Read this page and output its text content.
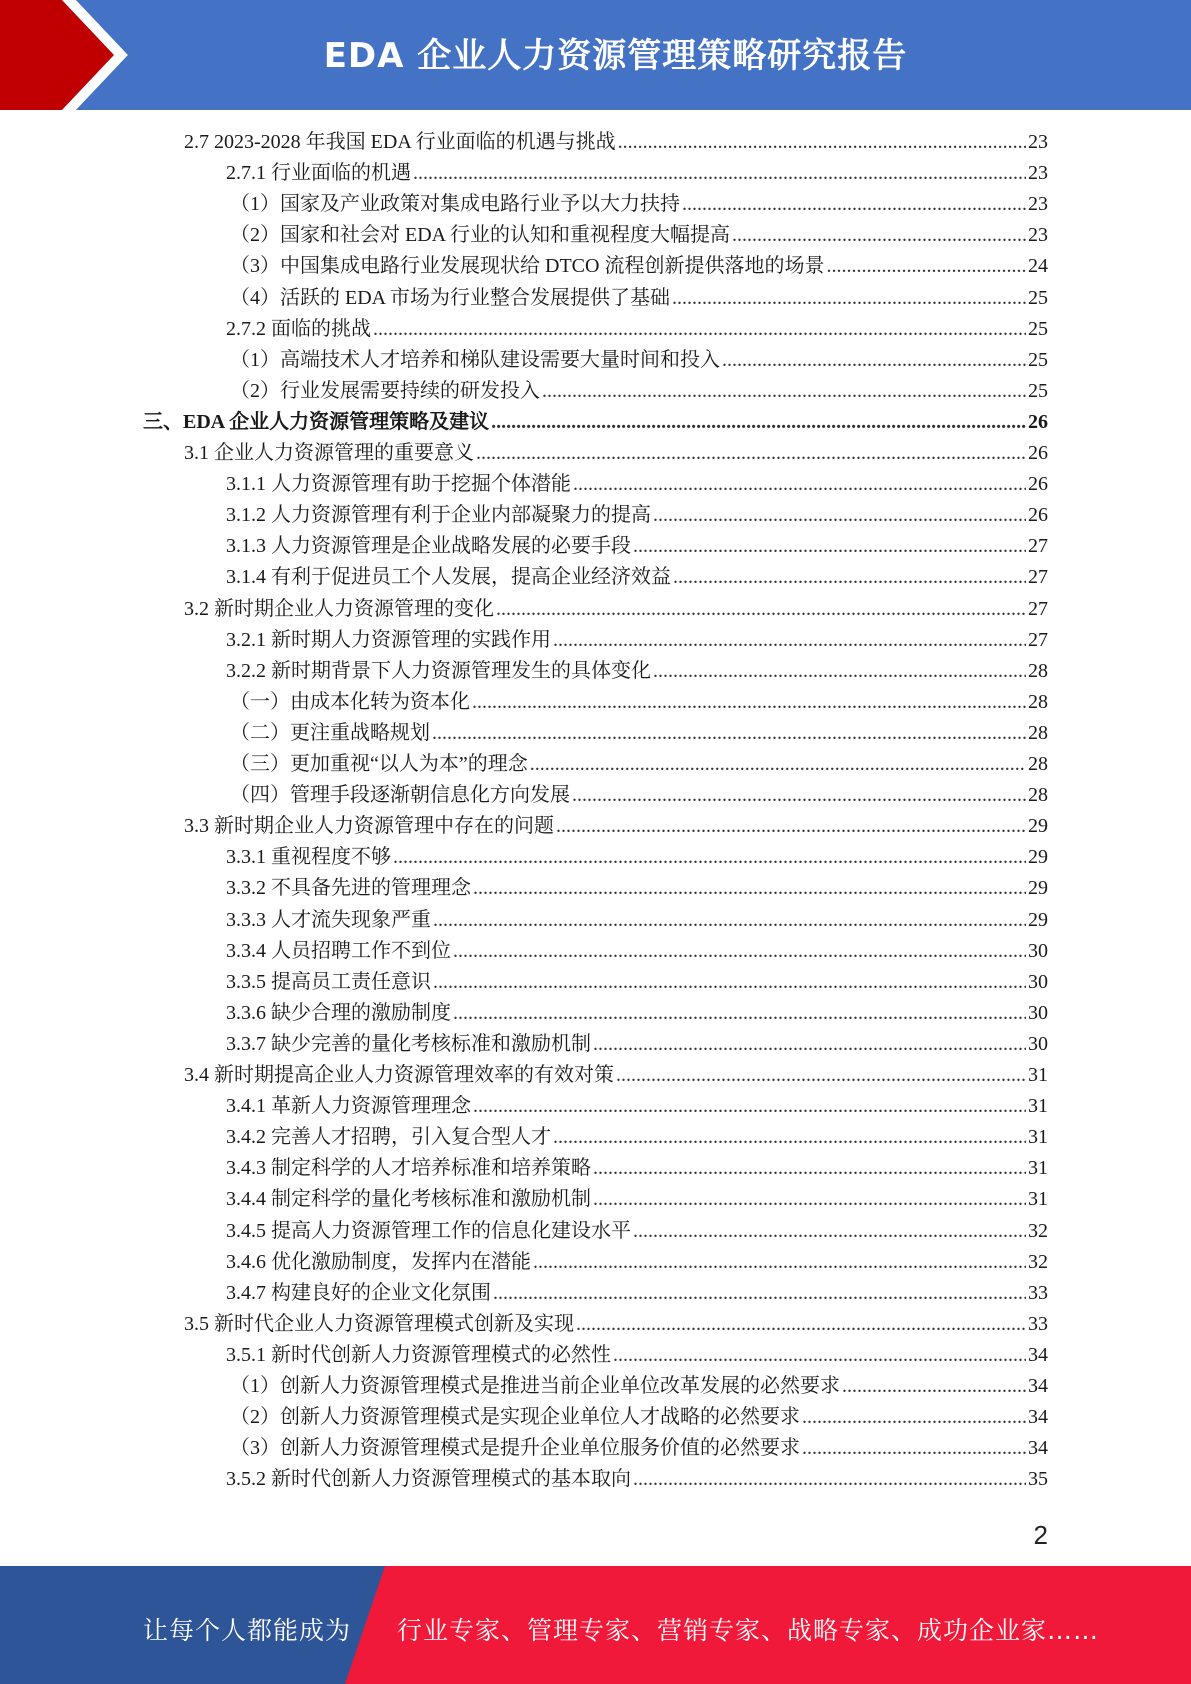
EDA 企业人力资源管理策略研究报告
2.7 2023-2028 年我国 EDA 行业面临的机遇与挑战 .....	23
2.7.1 行业面临的机遇 .....	23
（1）国家及产业政策对集成电路行业予以大力扶持 .....	23
（2）国家和社会对 EDA 行业的认知和重视程度大幅提高 .....	23
（3）中国集成电路行业发展现状给 DTCO 流程创新提供落地的场景 .....	24
（4）活跃的 EDA 市场为行业整合发展提供了基础 .....	25
2.7.2 面临的挑战 .....	25
（1）高端技术人才培养和梯队建设需要大量时间和投入 .....	25
（2）行业发展需要持续的研发投入 .....	25
三、EDA 企业人力资源管理策略及建议 .....	26
3.1 企业人力资源管理的重要意义 .....	26
3.1.1 人力资源管理有助于挖掘个体潜能 .....	26
3.1.2 人力资源管理有利于企业内部凝聚力的提高 .....	26
3.1.3 人力资源管理是企业战略发展的必要手段 .....	27
3.1.4 有利于促进员工个人发展，提高企业经济效益 .....	27
3.2 新时期企业人力资源管理的变化 .....	27
3.2.1 新时期人力资源管理的实践作用 .....	27
3.2.2 新时期背景下人力资源管理发生的具体变化 .....	28
（一）由成本化转为资本化 .....	28
（二）更注重战略规划 .....	28
（三）更加重视“以人为本”的理念 .....	28
（四）管理手段逐渐朝信息化方向发展 .....	28
3.3 新时期企业人力资源管理中存在的问题 .....	29
3.3.1 重视程度不够 .....	29
3.3.2 不具备先进的管理理念 .....	29
3.3.3 人才流失现象严重 .....	29
3.3.4 人员招聘工作不到位 .....	30
3.3.5 提高员工责任意识 .....	30
3.3.6 缺少合理的激励制度 .....	30
3.3.7 缺少完善的量化考核标准和激励机制 .....	30
3.4 新时期提高企业人力资源管理效率的有效对策 .....	31
3.4.1 革新人力资源管理理念 .....	31
3.4.2 完善人才招聘，引入复合型人才 .....	31
3.4.3 制定科学的人才培养标准和培养策略 .....	31
3.4.4 制定科学的量化考核标准和激励机制 .....	31
3.4.5 提高人力资源管理工作的信息化建设水平 .....	32
3.4.6 优化激励制度，发挥内在潜能 .....	32
3.4.7 构建良好的企业文化氛围 .....	33
3.5 新时代企业人力资源管理模式创新及实现 .....	33
3.5.1 新时代创新人力资源管理模式的必然性 .....	34
（1）创新人力资源管理模式是推进当前企业单位改革发展的必然要求 .....	34
（2）创新人力资源管理模式是实现企业单位人才战略的必然要求 .....	34
（3）创新人力资源管理模式是提升企业单位服务价值的必然要求 .....	34
3.5.2 新时代创新人力资源管理模式的基本取向 .....	35
2
让每个人都能成为 行业专家、管理专家、营销专家、战略专家、成功企业家……
